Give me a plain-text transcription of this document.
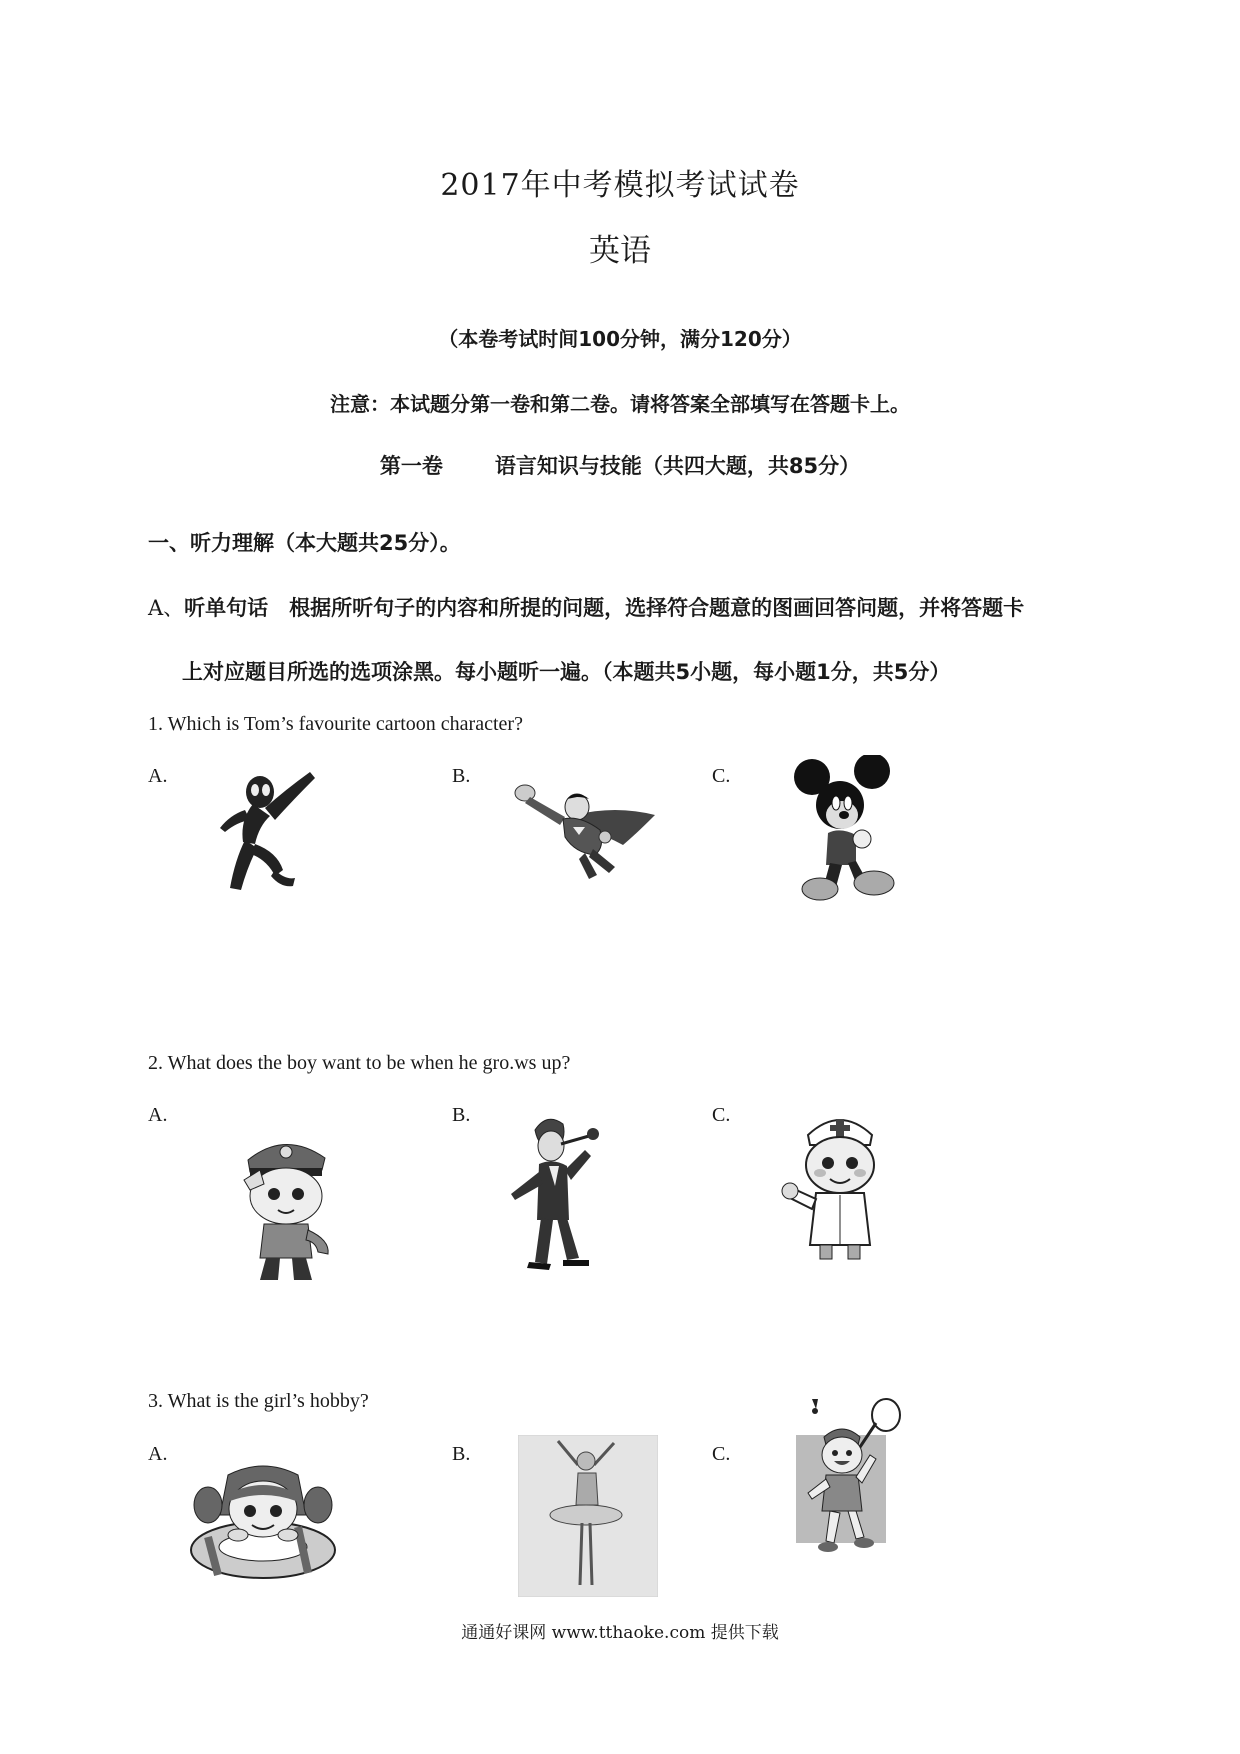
2017年中考模拟考试试卷
英语
（本卷考试时间100分钟，满分120分）
注意：本试题分第一卷和第二卷。请将答案全部填写在答题卡上。
第一卷 语言知识与技能（共四大题，共85分）
一、听力理解（本大题共25分）。
A、听单句话　根据所听句子的内容和所提的问题，选择符合题意的图画回答问题，并将答题卡
上对应题目所选的选项涂黑。每小题听一遍。（本题共5小题，每小题1分，共5分）
1. Which is Tom’s favourite cartoon character?
A.	B.	C.
2. What does the boy want to be when he gro.ws up?
A.	B.	C.
3. What is the girl’s hobby?
A.	B.	C.
通通好课网 www.tthaoke.com 提供下载
